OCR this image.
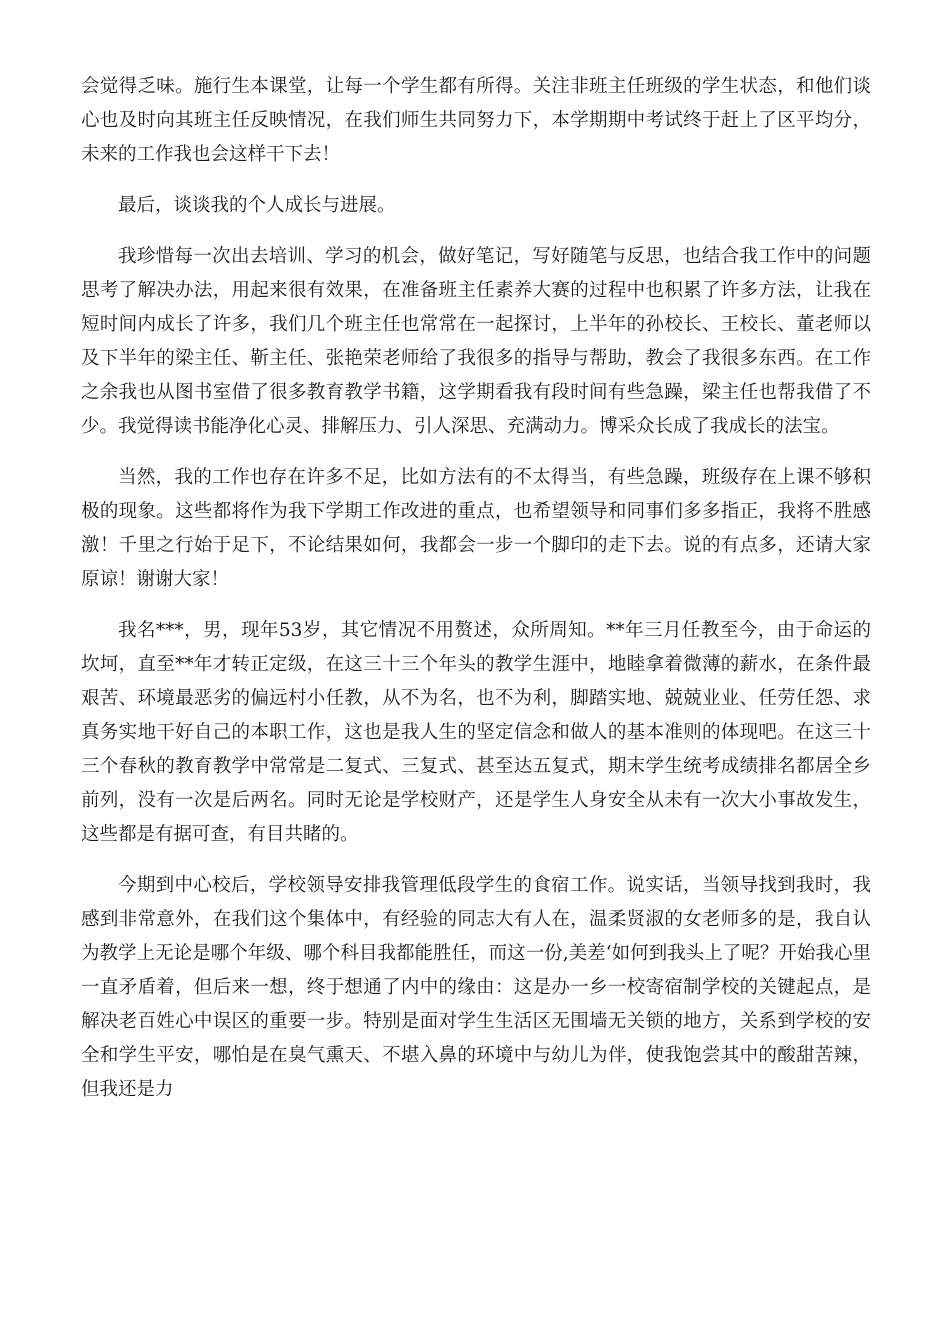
会觉得乏味。施行生本课堂，让每一个学生都有所得。关注非班主任班级的学生状态，和他们谈心也及时向其班主任反映情况，在我们师生共同努力下，本学期期中考试终于赶上了区平均分，未来的工作我也会这样干下去！

最后，谈谈我的个人成长与进展。

我珍惜每一次出去培训、学习的机会，做好笔记，写好随笔与反思，也结合我工作中的问题思考了解决办法，用起来很有效果，在准备班主任素养大赛的过程中也积累了许多方法，让我在短时间内成长了许多，我们几个班主任也常常在一起探讨，上半年的孙校长、王校长、董老师以及下半年的梁主任、靳主任、张艳荣老师给了我很多的指导与帮助，教会了我很多东西。在工作之余我也从图书室借了很多教育教学书籍，这学期看我有段时间有些急躁，梁主任也帮我借了不少。我觉得读书能净化心灵、排解压力、引人深思、充满动力。博采众长成了我成长的法宝。

当然，我的工作也存在许多不足，比如方法有的不太得当，有些急躁，班级存在上课不够积极的现象。这些都将作为我下学期工作改进的重点，也希望领导和同事们多多指正，我将不胜感激！千里之行始于足下，不论结果如何，我都会一步一个脚印的走下去。说的有点多，还请大家原谅！谢谢大家！

我名***，男，现年53岁，其它情况不用赘述，众所周知。**年三月任教至今，由于命运的坎坷，直至**年才转正定级，在这三十三个年头的教学生涯中，地睦拿着微薄的薪水，在条件最艰苦、环境最恶劣的偏远村小任教，从不为名，也不为利，脚踏实地、兢兢业业、任劳任怨、求真务实地干好自己的本职工作，这也是我人生的坚定信念和做人的基本准则的体现吧。在这三十三个春秋的教育教学中常常是二复式、三复式、甚至达五复式，期末学生统考成绩排名都居全乡前列，没有一次是后两名。同时无论是学校财产，还是学生人身安全从未有一次大小事故发生，这些都是有据可查，有目共睹的。

今期到中心校后，学校领导安排我管理低段学生的食宿工作。说实话，当领导找到我时，我感到非常意外，在我们这个集体中，有经验的同志大有人在，温柔贤淑的女老师多的是，我自认为教学上无论是哪个年级、哪个科目我都能胜任，而这一份,美差‘如何到我头上了呢？开始我心里一直矛盾着，但后来一想，终于想通了内中的缘由：这是办一乡一校寄宿制学校的关键起点，是解决老百姓心中误区的重要一步。特别是面对学生生活区无围墙无关锁的地方，关系到学校的安全和学生平安，哪怕是在臭气熏天、不堪入鼻的环境中与幼儿为伴，使我饱尝其中的酸甜苦辣，但我还是力
